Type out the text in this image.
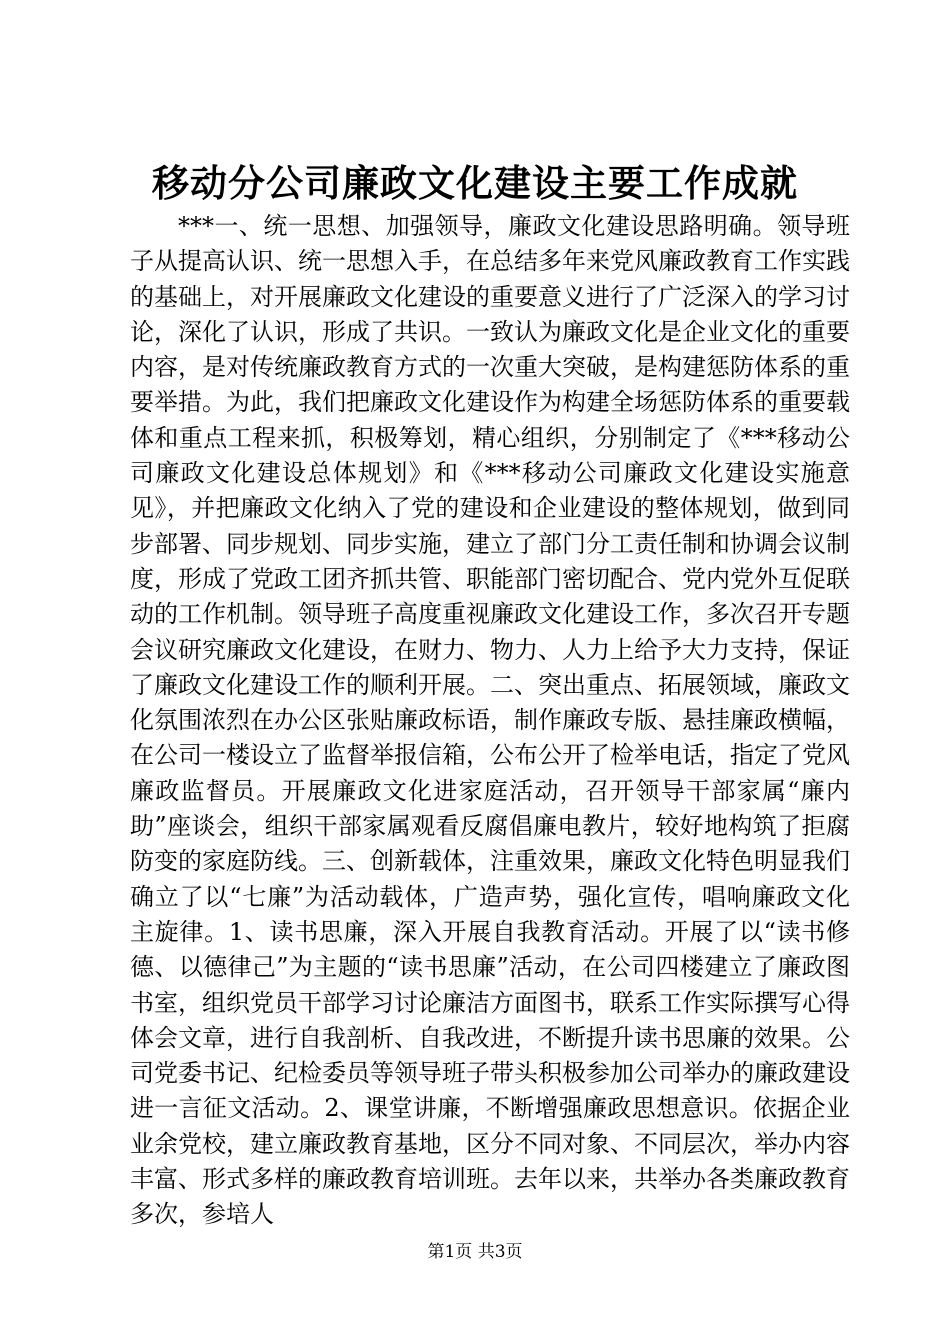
移动分公司廉政文化建设主要工作成就
***一、统一思想、加强领导，廉政文化建设思路明确。领导班子从提高认识、统一思想入手，在总结多年来党风廉政教育工作实践的基础上，对开展廉政文化建设的重要意义进行了广泛深入的学习讨论，深化了认识，形成了共识。一致认为廉政文化是企业文化的重要内容，是对传统廉政教育方式的一次重大突破，是构建惩防体系的重要举措。为此，我们把廉政文化建设作为构建全场惩防体系的重要载体和重点工程来抓，积极筹划，精心组织，分别制定了《***移动公司廉政文化建设总体规划》和《***移动公司廉政文化建设实施意见》，并把廉政文化纳入了党的建设和企业建设的整体规划，做到同步部署、同步规划、同步实施，建立了部门分工责任制和协调会议制度，形成了党政工团齐抓共管、职能部门密切配合、党内党外互促联动的工作机制。领导班子高度重视廉政文化建设工作，多次召开专题会议研究廉政文化建设，在财力、物力、人力上给予大力支持，保证了廉政文化建设工作的顺利开展。二、突出重点、拓展领域，廉政文化氛围浓烈在办公区张贴廉政标语，制作廉政专版、悬挂廉政横幅，在公司一楼设立了监督举报信箱，公布公开了检举电话，指定了党风廉政监督员。开展廉政文化进家庭活动，召开领导干部家属“廉内助”座谈会，组织干部家属观看反腐倡廉电教片，较好地构筑了拒腐防变的家庭防线。三、创新载体，注重效果，廉政文化特色明显我们确立了以“七廉”为活动载体，广造声势，强化宣传，唱响廉政文化主旋律。1、读书思廉，深入开展自我教育活动。开展了以“读书修德、以德律己”为主题的“读书思廉”活动，在公司四楼建立了廉政图书室，组织党员干部学习讨论廉洁方面图书，联系工作实际撰写心得体会文章，进行自我剖析、自我改进，不断提升读书思廉的效果。公司党委书记、纪检委员等领导班子带头积极参加公司举办的廉政建设进一言征文活动。2、课堂讲廉，不断增强廉政思想意识。依据企业业余党校，建立廉政教育基地，区分不同对象、不同层次，举办内容丰富、形式多样的廉政教育培训班。去年以来，共举办各类廉政教育多次，参培人
第1页 共3页
